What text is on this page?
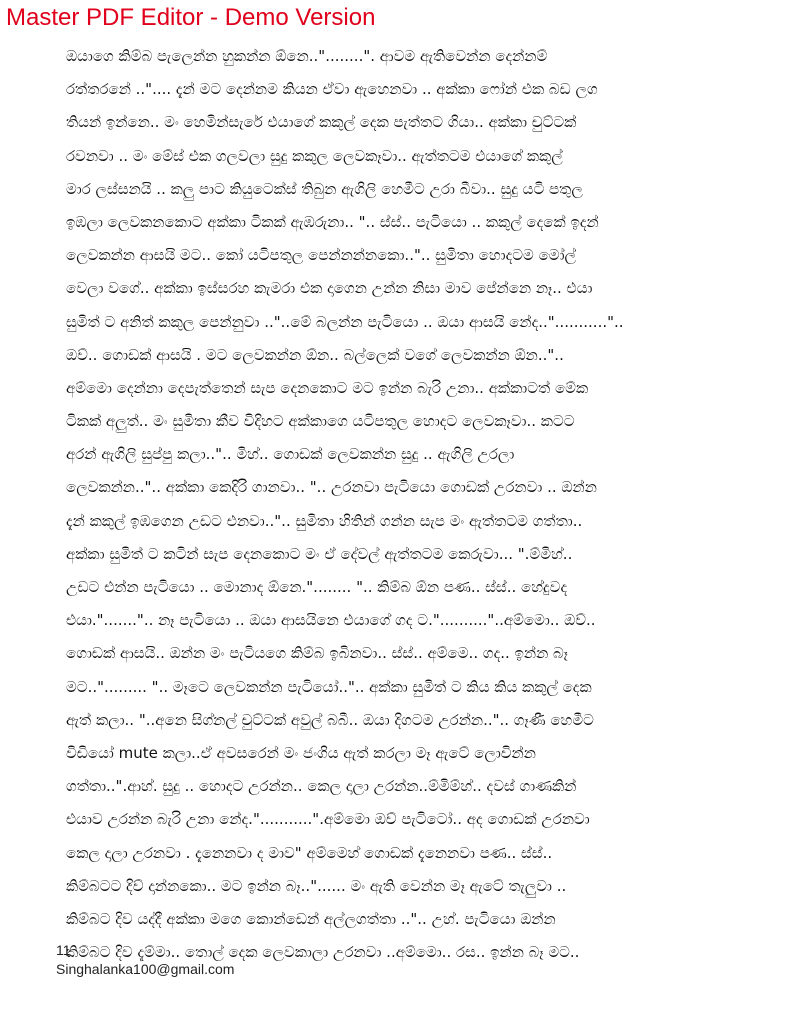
Master PDF Editor - Demo Version
ඔයාගෙ කිම්බ පැලෙන්න හුකන්න ඕනෙ.."........". ආවම ඇතිවෙන්න දෙන්නම්
රත්තරනේ ..".... දැන් මට දෙන්නම කියන ඒවා ඇහෙනවා .. අක්කා ෆෝන් එක බඩ ලග
තියන් ඉන්නෙ.. මං හෙමින්සැරේ එයාගේ කකුල් දෙක පැත්තට ගියා.. අක්කා චුට්ටක්
රවනවා .. මං මේස් එක ගලවලා සුදු කකුල ලෙවකෑවා.. ඇත්තටම එයාගේ කකුල්
මාර ලස්සනයි .. කලු පාට කියුටෙක්ස් තිබුන ඇගිලි හෙමීට උරා බීවා.. සුදු යටි පතුල
ඉඹලා ලෙවකනකොට අක්කා ටිකක් ඇඹරුනා.. ".. ස්ස්.. පැටියො .. කකුල් දෙකේ ඉදන්
ලෙවකන්න ආසයි මට.. කෝ යටිපතුල පෙන්නන්නකො..".. සුමිතා හොදටම මෝල්
වෙලා වගේ.. අක්කා ඉස්සරහ කැමරා එක දාගෙන උන්න නිසා මාව පේන්නෙ නෑ.. එයා
සුමිත් ට අනිත් කකුල පෙන්නුවා .."..මේ බලන්න පැටියො .. ඔයා ආසයි නේද.."..........."..
ඔව්.. ගොඩක් ආසයි . මට ලෙවකන්න ඕන.. බල්ලෙක් වගේ ලෙවකන්න ඕන.."..
අම්මො දෙන්නා දෙපැත්තෙන් සැප දෙනකොට මට ඉන්න බැරි උනා.. අක්කාටත් මේක
ටිකක් අලුත්.. මං සුමිතා කීව විදිහට අක්කාගෙ යටිපතුල හොදට ලෙවකෑවා.. කටට
අරන් ඇගිලි සුප්පු කලා..".. මිහ්.. ගොඩක් ලෙවකන්න සුදු .. ඇගිලි උරලා
ලෙවකන්න..".. අක්කා කෙදිරි ගානවා.. ".. උරනවා පැටියො ගොඩක් උරනවා .. ඔන්න
දැන් කකුල් ඉඹගෙන උඩට එනවා..".. සුමිතා හිතින් ගන්න සැප මං ඇත්තටම ගත්තා..
අක්කා සුමිත් ට කටින් සැප දෙනකොට මං ඒ දේවල් ඇත්තටම කෙරුවා... ".ම්මිහ්..
උඩට එන්න පැටියො .. මොනාද ඕනෙ."........ ".. කිම්බ ඕන පණ.. ස්ස්.. හේදුවද
එයා.".......".. නෑ පැටියො .. ඔයා ආසයිනෙ එයාගේ ගද ට.".........."..අම්මො.. ඔව්..
ගොඩක් ආසයි.. ඔන්න මං පැටියගෙ කිම්බ ඉබිනවා.. ස්ස්.. අම්මෙ.. ගද.. ඉන්න බෑ
මට.."......... ".. මෑටෙ ලෙවකන්න පැටියෝ..".. අක්කා සුමිත් ට කිය කිය කකුල් දෙක
ඇත් කලා.. "..අනෙ සිග්නල් චුට්ටක් අවුල් බබී.. ඔයා දිගටම උරන්න..".. ගෑණී හෙමීට
විඩියෝ mute කලා..ඒ අවසරෙන් මං ජංගිය ඇත් කරලා මෑ ඇටේ ලොවින්න
ගත්තා..".ආහ්. සුදු .. හොදට උරන්න.. කෙල දාලා උරන්න..ම්මිම්හ්.. දවස් ගාණකින්
එයාව උරන්න බැරි උනා නේද."...........".අම්මො ඔව් පැටිටෝ.. අද ගොඩක් උරනවා
කෙල දාලා උරනවා . දැනෙනවා ද මාව" අම්මෙහ් ගොඩක් දැනෙනවා පණ.. ස්ස්..
කිම්බටට දිව් දාන්නකො.. මට ඉන්න බෑ.."...... මං ඇති වෙන්න මෑ ඇටේ තැලුවා ..
කිම්බට දිව යද්දී අක්කා මගෙ කොන්ඩෙන් අල්ලගත්තා ..".. උහ්. පැටියො ඔන්න
කිම්බට දිව දැම්මා.. තොල් දෙක ලෙවකාලා උරනවා ..අම්මො.. රස.. ඉන්න බෑ මට..
11
Singhalanka100@gmail.com
